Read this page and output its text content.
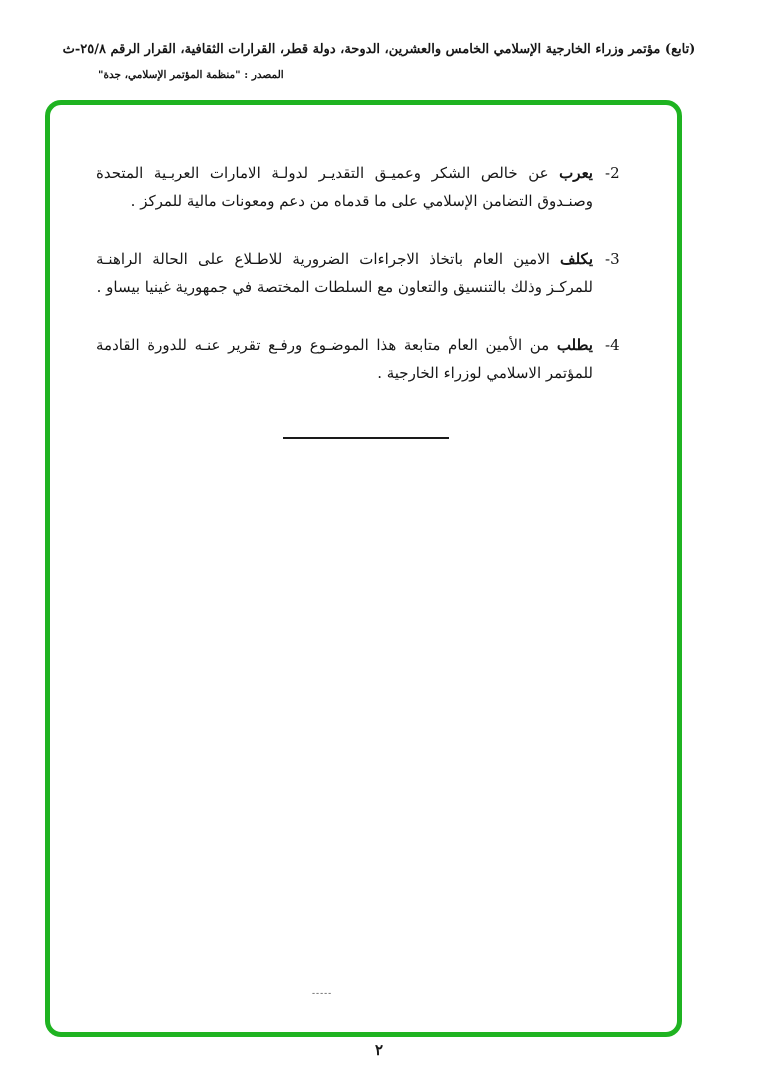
(تابع) مؤتمر وزراء الخارجية الإسلامي الخامس والعشرين، الدوحة، دولة قطر، القرارات الثقافية، القرار الرقم ٢٥/٨-ث
المصدر : "منظمة المؤتمر الإسلامي، جدة"
-2

يعرب عن خالص الشكر وعميـق التقديـر لدولـة الامارات العربـية المتحدة وصنـدوق التضامن الإسلامي على ما قدماه من دعم ومعونات مالية للمركز .

-3

يكلف الامين العام باتخاذ الاجراءات الضرورية للاطـلاع على الحالة الراهنـة للمركـز وذلك بالتنسيق والتعاون مع السلطات المختصة في جمهورية غينيا بيساو .

-4

يطلب من الأمين العام متابعة هذا الموضـوع ورفـع تقرير عنـه للدورة القادمة للمؤتمر الاسلامي لوزراء الخارجية .

-----
٢
